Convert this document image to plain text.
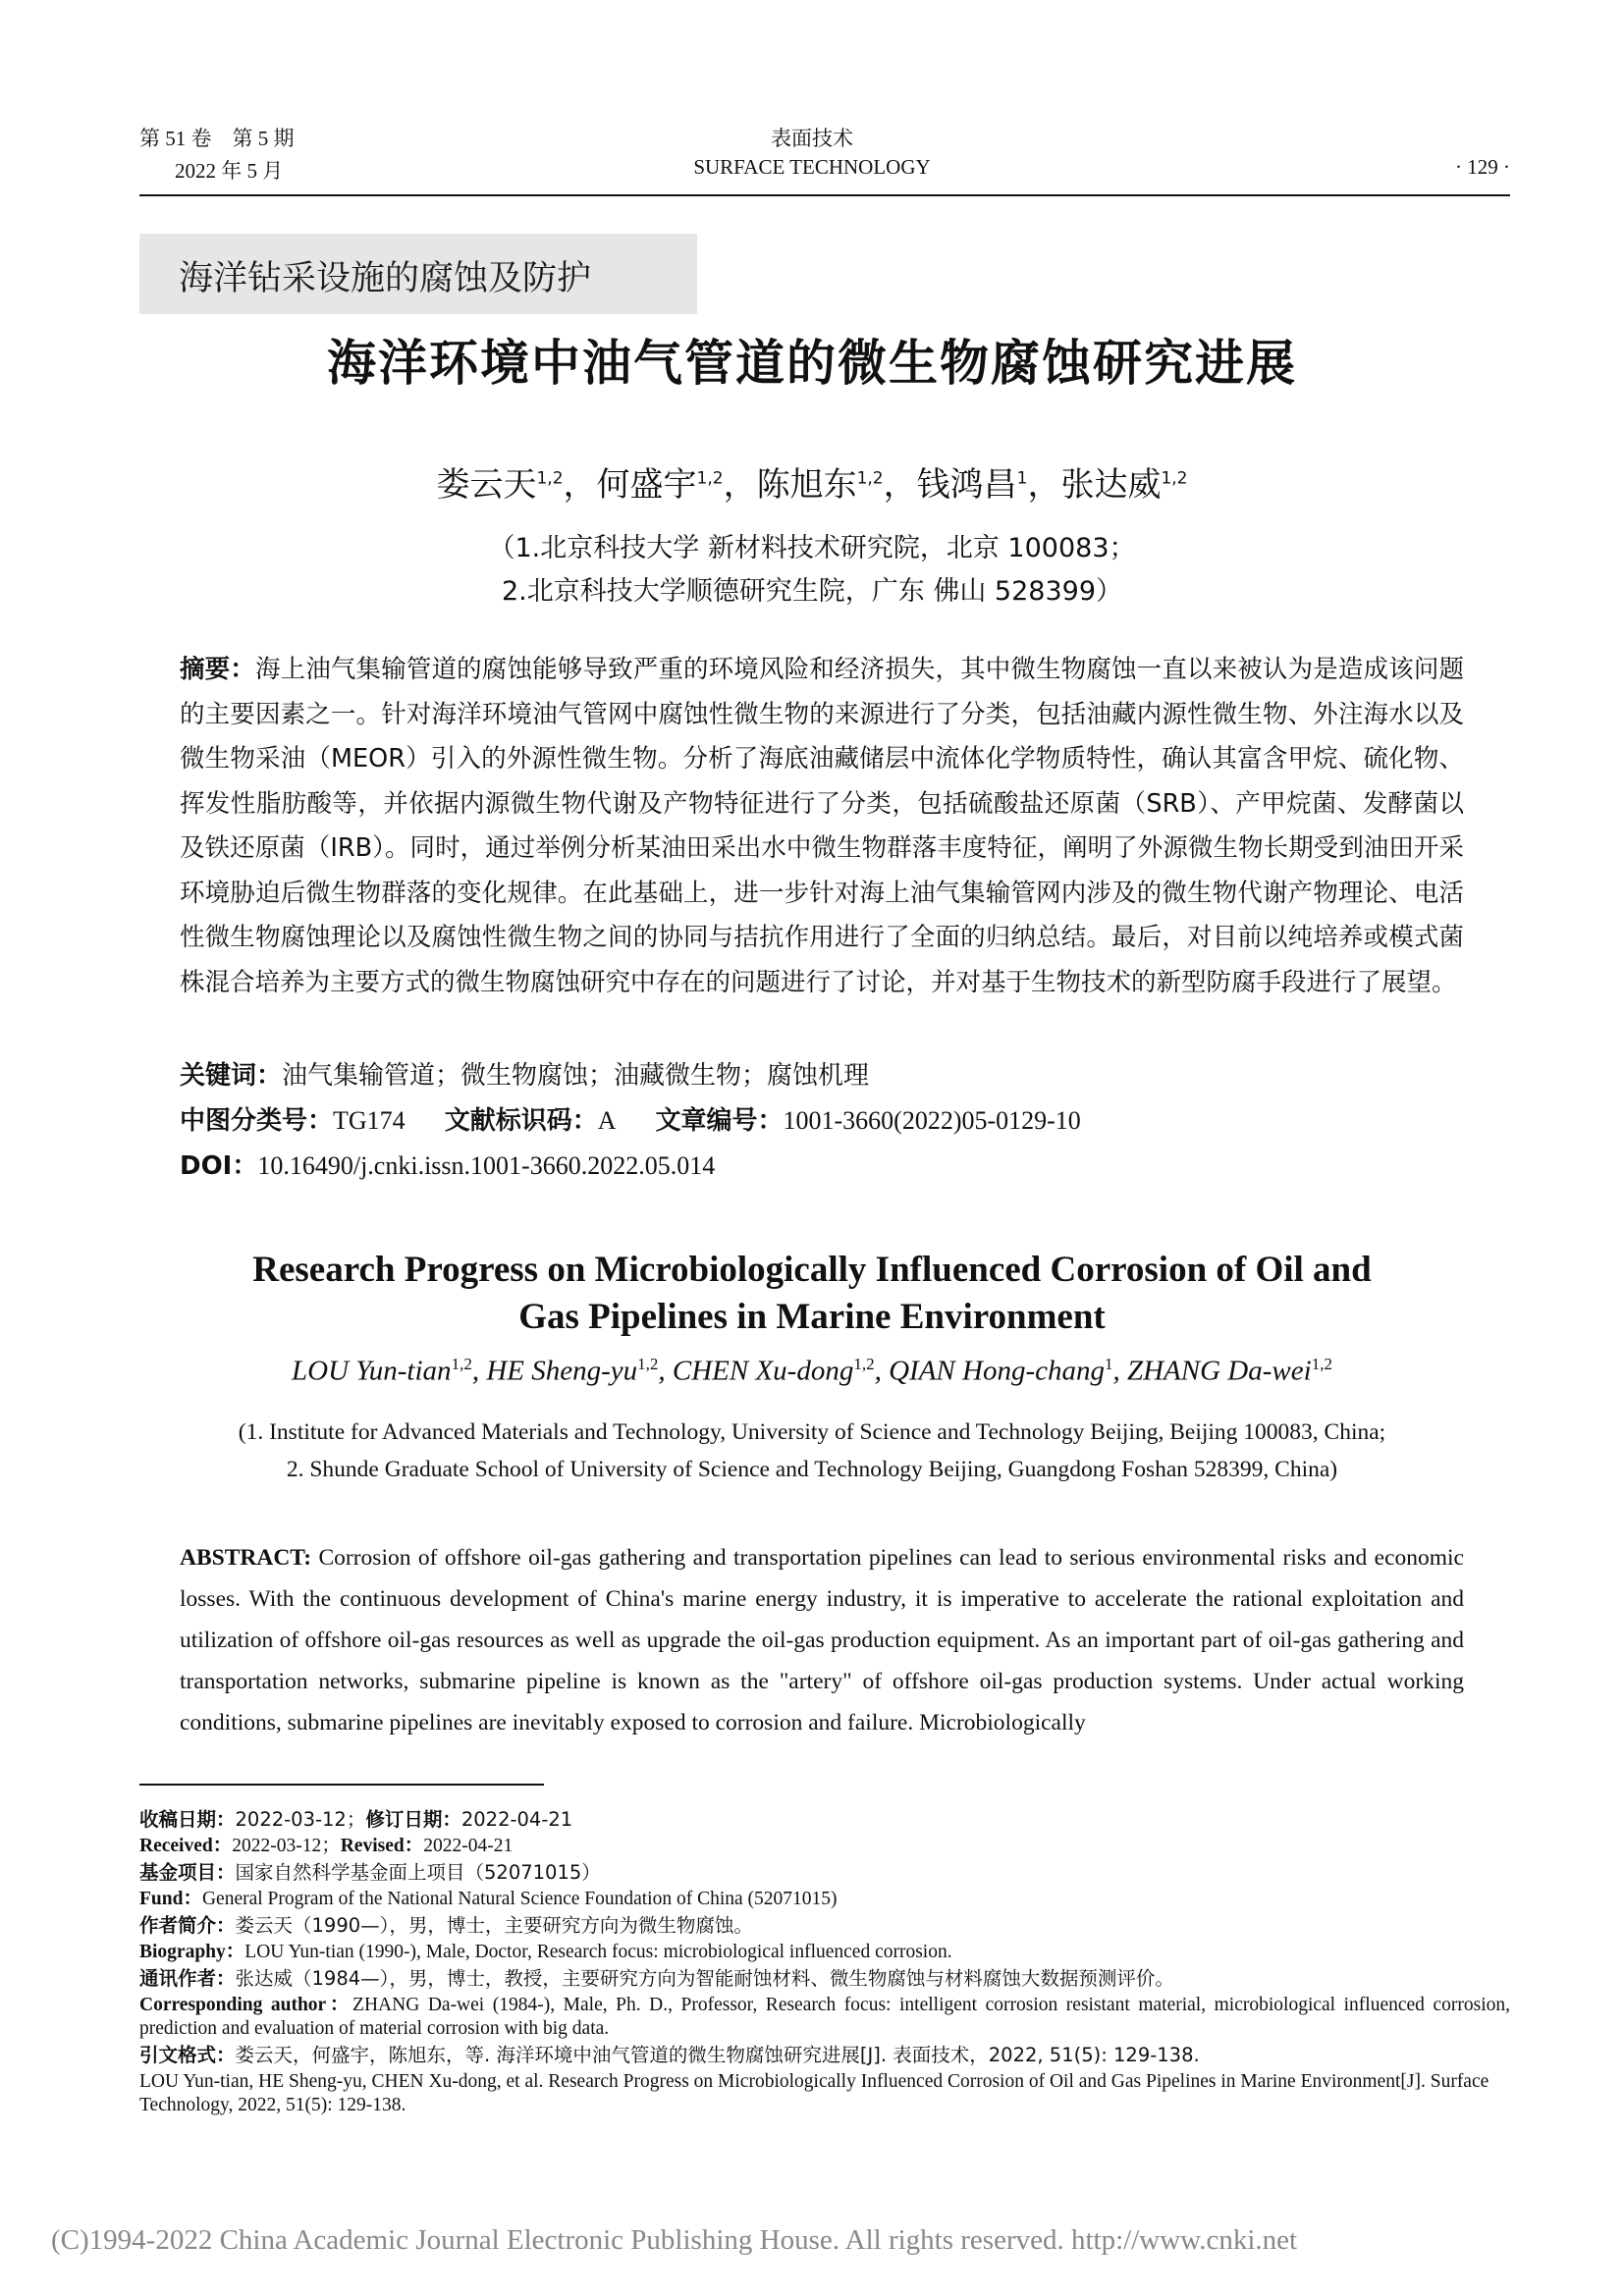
第 51 卷　第 5 期
2022 年 5 月
表面技术
SURFACE TECHNOLOGY	· 129 ·
海洋钻采设施的腐蚀及防护
海洋环境中油气管道的微生物腐蚀研究进展
娄云天$^{1,2}$，何盛宇$^{1,2}$，陈旭东$^{1,2}$，钱鸿昌$^1$，张达威$^{1,2}$
（1.北京科技大学 新材料技术研究院，北京 100083；
2.北京科技大学顺德研究生院，广东 佛山 528399）
摘要：海上油气集输管道的腐蚀能够导致严重的环境风险和经济损失，其中微生物腐蚀一直以来被认为是造成该问题的主要因素之一。针对海洋环境油气管网中腐蚀性微生物的来源进行了分类，包括油藏内源性微生物、外注海水以及微生物采油（MEOR）引入的外源性微生物。分析了海底油藏储层中流体化学物质特性，确认其富含甲烷、硫化物、挥发性脂肪酸等，并依据内源微生物代谢及产物特征进行了分类，包括硫酸盐还原菌（SRB）、产甲烷菌、发酵菌以及铁还原菌（IRB）。同时，通过举例分析某油田采出水中微生物群落丰度特征，阐明了外源微生物长期受到油田开采环境胁迫后微生物群落的变化规律。在此基础上，进一步针对海上油气集输管网内涉及的微生物代谢产物理论、电活性微生物腐蚀理论以及腐蚀性微生物之间的协同与拮抗作用进行了全面的归纳总结。最后，对目前以纯培养或模式菌株混合培养为主要方式的微生物腐蚀研究中存在的问题进行了讨论，并对基于生物技术的新型防腐手段进行了展望。
关键词：油气集输管道；微生物腐蚀；油藏微生物；腐蚀机理
中图分类号：TG174 文献标识码：A 文章编号：1001-3660(2022)05-0129-10
DOI：10.16490/j.cnki.issn.1001-3660.2022.05.014
Research Progress on Microbiologically Influenced Corrosion of Oil and
Gas Pipelines in Marine Environment
LOU Yun-tian$^{1,2}$, HE Sheng-yu$^{1,2}$, CHEN Xu-dong$^{1,2}$, QIAN Hong-chang$^1$, ZHANG Da-wei$^{1,2}$
(1. Institute for Advanced Materials and Technology, University of Science and Technology Beijing, Beijing 100083, China;
2. Shunde Graduate School of University of Science and Technology Beijing, Guangdong Foshan 528399, China)
ABSTRACT: Corrosion of offshore oil-gas gathering and transportation pipelines can lead to serious environmental risks and economic losses. With the continuous development of China's marine energy industry, it is imperative to accelerate the rational exploitation and utilization of offshore oil-gas resources as well as upgrade the oil-gas production equipment. As an important part of oil-gas gathering and transportation networks, submarine pipeline is known as the "artery" of offshore oil-gas production systems. Under actual working conditions, submarine pipelines are inevitably exposed to corrosion and failure. Microbiologically
收稿日期：2022-03-12；修订日期：2022-04-21
Received：2022-03-12；Revised：2022-04-21
基金项目：国家自然科学基金面上项目（52071015）
Fund：General Program of the National Natural Science Foundation of China (52071015)
作者简介：娄云天（1990—），男，博士，主要研究方向为微生物腐蚀。
Biography：LOU Yun-tian (1990-), Male, Doctor, Research focus: microbiological influenced corrosion.
通讯作者：张达威（1984—），男，博士，教授，主要研究方向为智能耐蚀材料、微生物腐蚀与材料腐蚀大数据预测评价。
Corresponding author：ZHANG Da-wei (1984-), Male, Ph. D., Professor, Research focus: intelligent corrosion resistant material, microbiological influenced corrosion, prediction and evaluation of material corrosion with big data.
引文格式：娄云天，何盛宇，陈旭东，等. 海洋环境中油气管道的微生物腐蚀研究进展[J]. 表面技术，2022, 51(5): 129-138.
LOU Yun-tian, HE Sheng-yu, CHEN Xu-dong, et al. Research Progress on Microbiologically Influenced Corrosion of Oil and Gas Pipelines in Marine Environment[J]. Surface Technology, 2022, 51(5): 129-138.
(C)1994-2022 China Academic Journal Electronic Publishing House. All rights reserved. http://www.cnki.net
